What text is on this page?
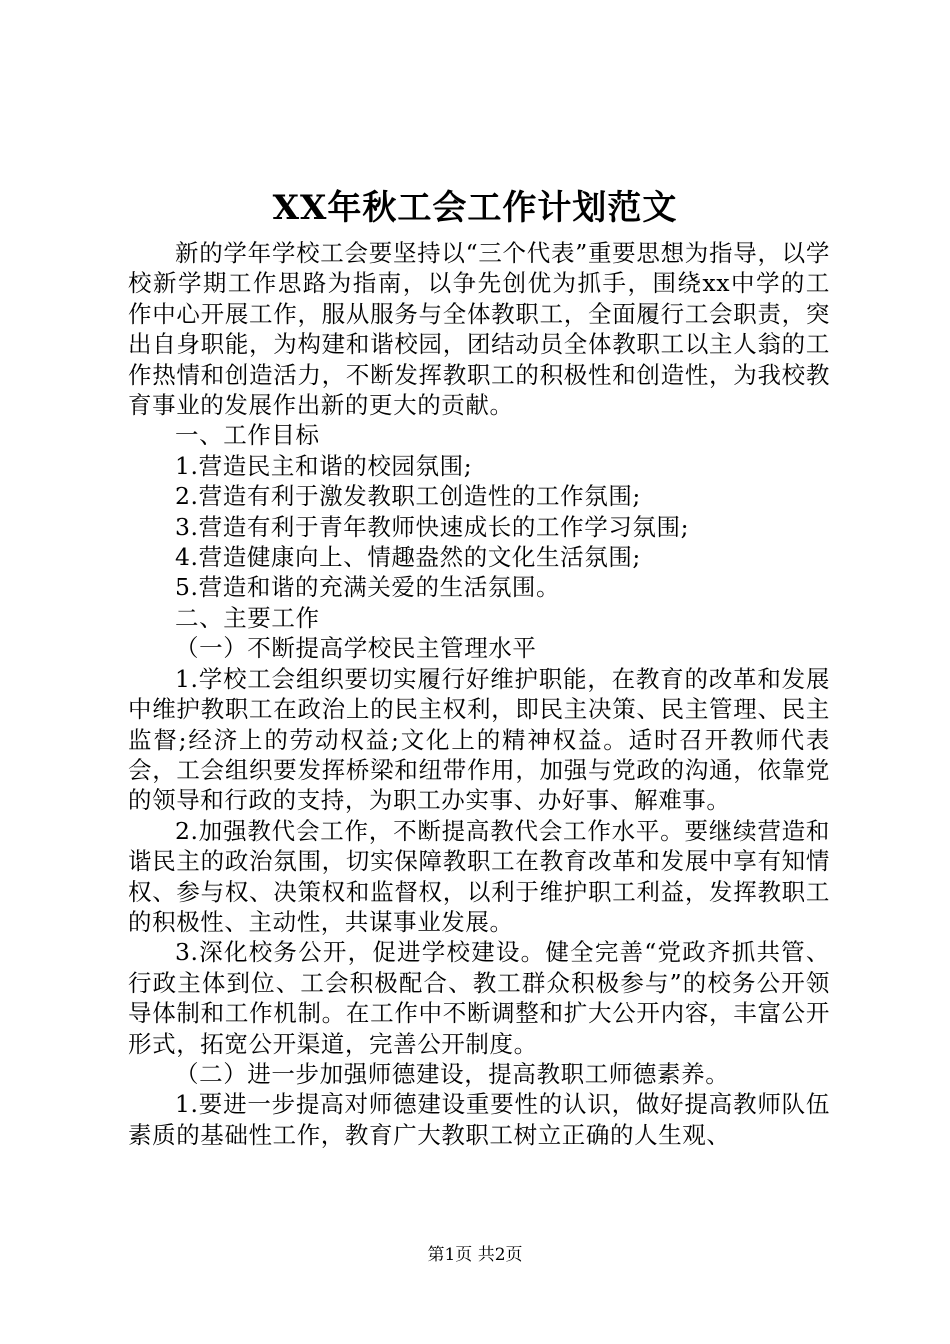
XX年秋工会工作计划范文

新的学年学校工会要坚持以“三个代表”重要思想为指导，以学校新学期工作思路为指南，以争先创优为抓手，围绕xx中学的工作中心开展工作，服从服务与全体教职工，全面履行工会职责，突出自身职能，为构建和谐校园，团结动员全体教职工以主人翁的工作热情和创造活力，不断发挥教职工的积极性和创造性，为我校教育事业的发展作出新的更大的贡献。

一、工作目标

1.营造民主和谐的校园氛围;

2.营造有利于激发教职工创造性的工作氛围;

3.营造有利于青年教师快速成长的工作学习氛围;

4.营造健康向上、情趣盎然的文化生活氛围;

5.营造和谐的充满关爱的生活氛围。

二、主要工作

（一）不断提高学校民主管理水平

1.学校工会组织要切实履行好维护职能，在教育的改革和发展中维护教职工在政治上的民主权利，即民主决策、民主管理、民主监督;经济上的劳动权益;文化上的精神权益。适时召开教师代表会，工会组织要发挥桥梁和纽带作用，加强与党政的沟通，依靠党的领导和行政的支持，为职工办实事、办好事、解难事。

2.加强教代会工作，不断提高教代会工作水平。要继续营造和谐民主的政治氛围，切实保障教职工在教育改革和发展中享有知情权、参与权、决策权和监督权，以利于维护职工利益，发挥教职工的积极性、主动性，共谋事业发展。

3.深化校务公开，促进学校建设。健全完善“党政齐抓共管、行政主体到位、工会积极配合、教工群众积极参与”的校务公开领导体制和工作机制。在工作中不断调整和扩大公开内容，丰富公开形式，拓宽公开渠道，完善公开制度。

（二）进一步加强师德建设，提高教职工师德素养。

1.要进一步提高对师德建设重要性的认识，做好提高教师队伍素质的基础性工作，教育广大教职工树立正确的人生观、

第1页 共2页
